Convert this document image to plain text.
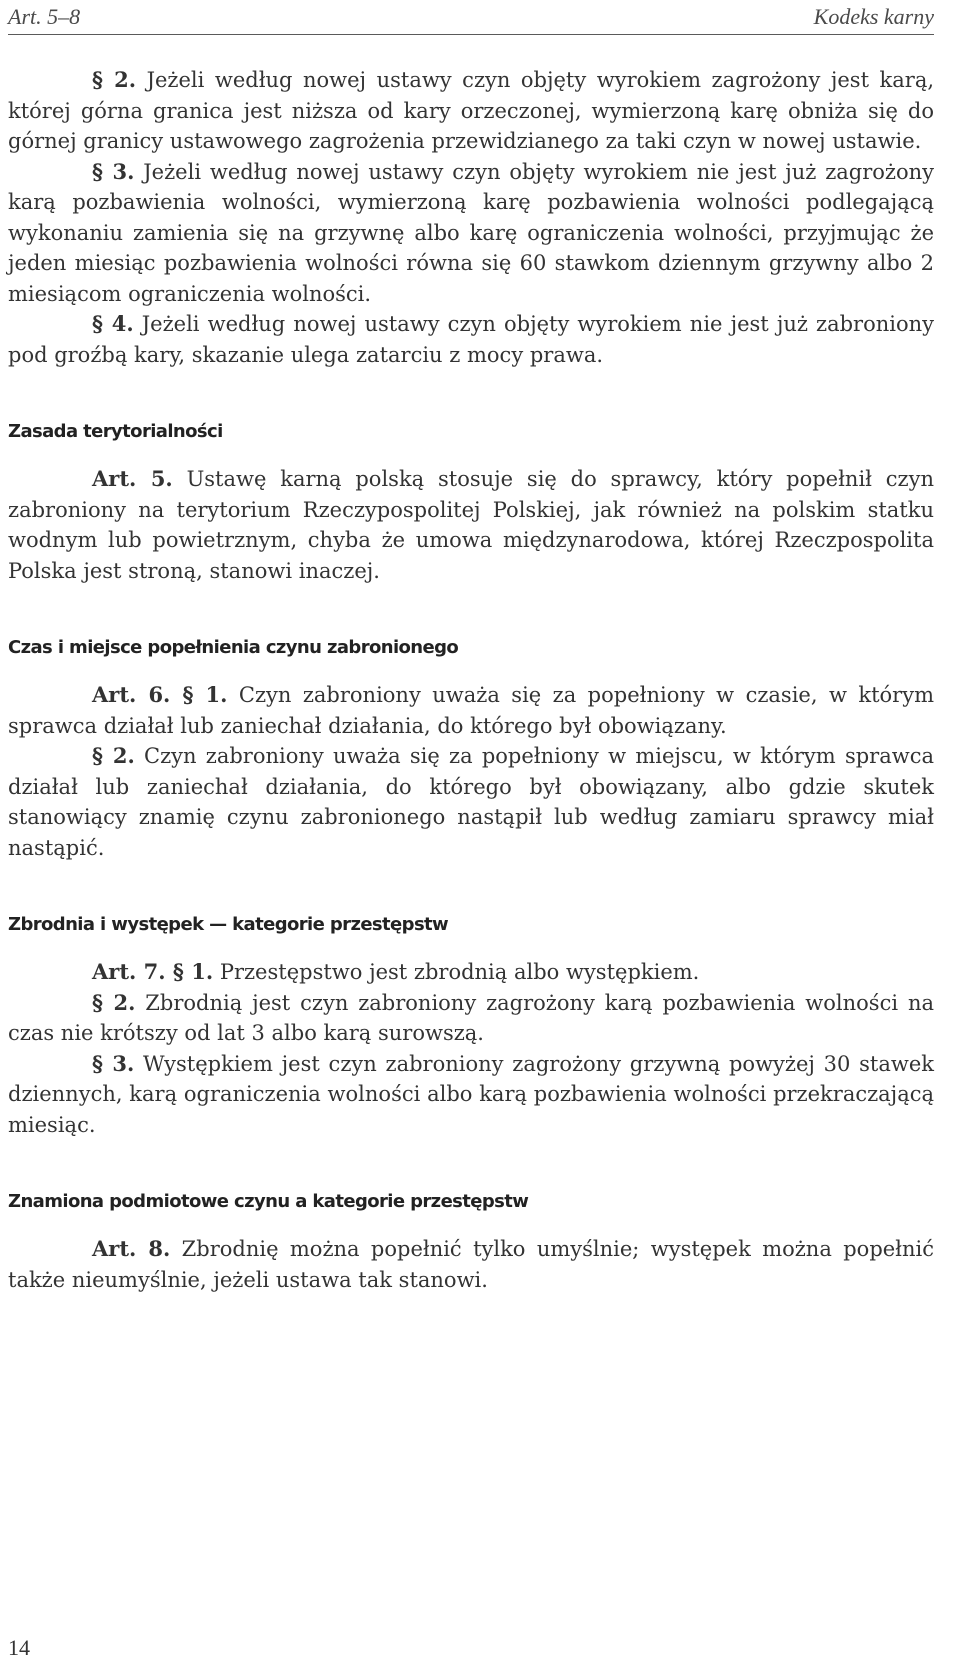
Art. 5–8	Kodeks karny

§ 2. Jeżeli według nowej ustawy czyn objęty wyrokiem zagrożony jest karą, której górna granica jest niższa od kary orzeczonej, wymierzoną karę obniża się do górnej granicy ustawowego zagrożenia przewidzianego za taki czyn w nowej ustawie.

§ 3. Jeżeli według nowej ustawy czyn objęty wyrokiem nie jest już zagrożony karą pozbawienia wolności, wymierzoną karę pozbawienia wolności podlegającą wykonaniu zamienia się na grzywnę albo karę ograniczenia wolności, przyjmując że jeden miesiąc pozbawienia wolności równa się 60 stawkom dziennym grzywny albo 2 miesiącom ograniczenia wolności.

§ 4. Jeżeli według nowej ustawy czyn objęty wyrokiem nie jest już zabroniony pod groźbą kary, skazanie ulega zatarciu z mocy prawa.

Zasada terytorialności

Art. 5. Ustawę karną polską stosuje się do sprawcy, który popełnił czyn zabroniony na terytorium Rzeczypospolitej Polskiej, jak również na polskim statku wodnym lub powietrznym, chyba że umowa międzynarodowa, której Rzeczpospolita Polska jest stroną, stanowi inaczej.

Czas i miejsce popełnienia czynu zabronionego

Art. 6. § 1. Czyn zabroniony uważa się za popełniony w czasie, w którym sprawca działał lub zaniechał działania, do którego był obowiązany.

§ 2. Czyn zabroniony uważa się za popełniony w miejscu, w którym sprawca działał lub zaniechał działania, do którego był obowiązany, albo gdzie skutek stanowiący znamię czynu zabronionego nastąpił lub według zamiaru sprawcy miał nastąpić.

Zbrodnia i występek — kategorie przestępstw

Art. 7. § 1. Przestępstwo jest zbrodnią albo występkiem.

§ 2. Zbrodnią jest czyn zabroniony zagrożony karą pozbawienia wolności na czas nie krótszy od lat 3 albo karą surowszą.

§ 3. Występkiem jest czyn zabroniony zagrożony grzywną powyżej 30 stawek dziennych, karą ograniczenia wolności albo karą pozbawienia wolności przekraczającą miesiąc.

Znamiona podmiotowe czynu a kategorie przestępstw

Art. 8. Zbrodnię można popełnić tylko umyślnie; występek można popełnić także nieumyślnie, jeżeli ustawa tak stanowi.

14
